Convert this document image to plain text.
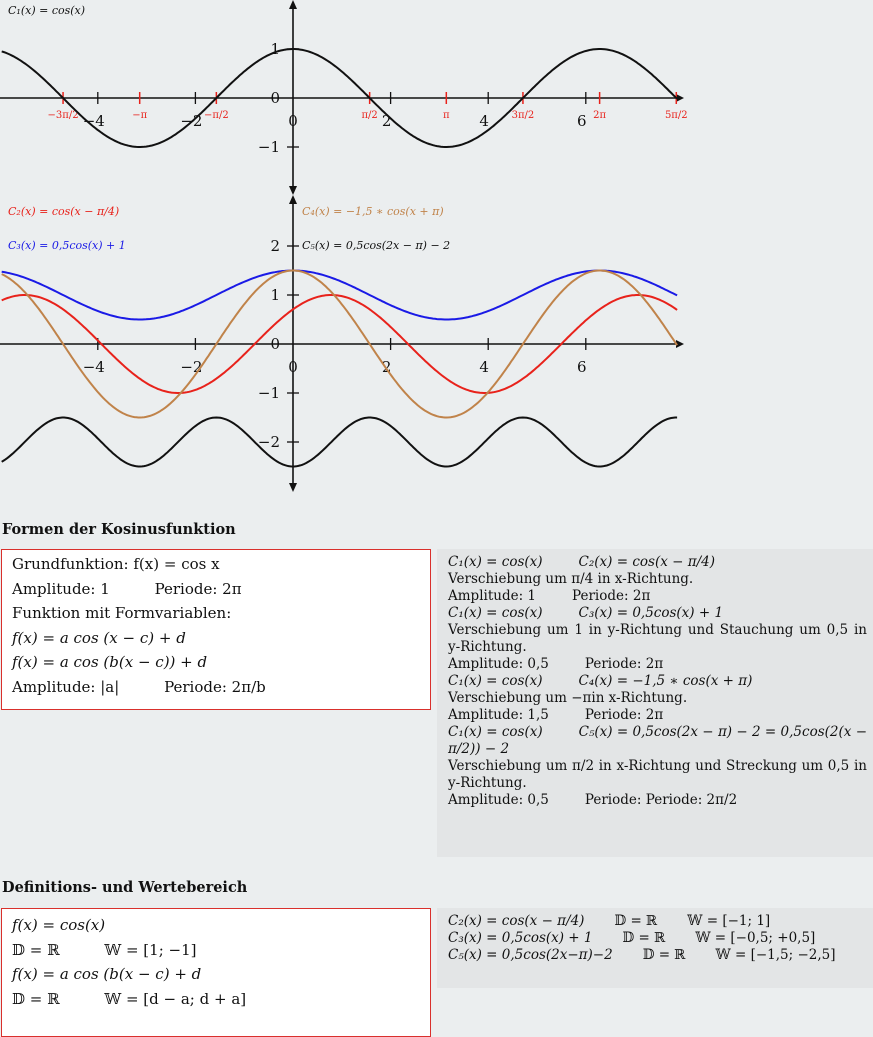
−4	−2	0	2	4	6
1
0
−1
−3π/2	−π	−π/2	π/2	π	3π/2	2π	5π/2
C₁(x) = cos(x)
−4	−2	0	2	4	6
2
1
0
−1
−2
C₂(x) = cos(x − π/4)
C₃(x) = 0,5cos(x) + 1
C₄(x) = −1,5 ∗ cos(x + π)
C₅(x) = 0,5cos(2x − π) − 2
Formen der Kosinusfunktion
Grundfunktion: f(x) = cos x
Amplitude: 1	Periode: 2π
Funktion mit Formvariablen:
f(x) = a cos (x − c) + d
f(x) = a cos (b(x − c)) + d
Amplitude: |a|	Periode: 2π/b
C₁(x) = cos(x)	C₂(x) = cos(x − π/4)
Verschiebung um π/4 in x-Richtung.
Amplitude: 1	Periode: 2π
C₁(x) = cos(x)	C₃(x) = 0,5cos(x) + 1
Verschiebung um 1 in y-Richtung und Stauchung um 0,5 in y-Richtung.
Amplitude: 0,5	Periode: 2π
C₁(x) = cos(x)	C₄(x) = −1,5 ∗ cos(x + π)
Verschiebung um −πin x-Richtung.
Amplitude: 1,5	Periode: 2π
C₁(x) = cos(x)	C₅(x) = 0,5cos(2x − π) − 2 = 0,5cos(2(x − π/2)) − 2
Verschiebung um π/2 in x-Richtung und Streckung um 0,5 in y-Richtung.
Amplitude: 0,5	Periode: Periode: 2π/2
Definitions- und Wertebereich
f(x) = cos(x)
𝔻 = ℝ	𝕎 = [1; −1]
f(x) = a cos (b(x − c) + d
𝔻 = ℝ	𝕎 = [d − a; d + a]
C₂(x) = cos(x − π/4) 𝔻 = ℝ 𝕎 = [−1; 1]
C₃(x) = 0,5cos(x) + 1 𝔻 = ℝ 𝕎 = [−0,5; +0,5]
C₅(x) = 0,5cos(2x−π)−2 𝔻 = ℝ 𝕎 = [−1,5; −2,5]
